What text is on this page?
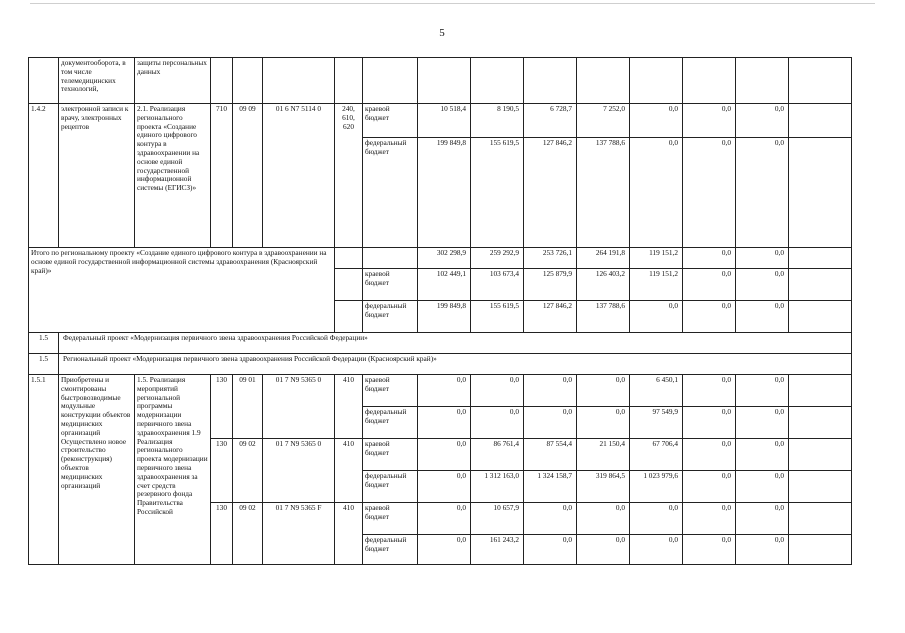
5
	документооборота, в том числе телемедицинских технологий,	защиты персональных данных													
1.4.2	электронной записи к врачу, электронных рецептов	2.1. Реализация регионального проекта «Создание единого цифрового контура в здравоохранении на основе единой государственной информационной системы (ЕГИСЗ)»	710	09 09	01 6 N7 5114 0	240, 610, 620	краевой бюджет	10 518,4	8 190,5	6 728,7	7 252,0	0,0	0,0	0,0	
							федеральный бюджет	199 849,8	155 619,5	127 846,2	137 788,6	0,0	0,0	0,0	
Итого по региональному проекту «Создание единого цифрового контура в здравоохранении на основе единой государственной информационной системы здравоохранения (Красноярский край)»								302 298,9	259 292,9	253 726,1	264 191,8	119 151,2	0,0	0,0	
							краевой бюджет	102 449,1	103 673,4	125 879,9	126 403,2	119 151,2	0,0	0,0	
							федеральный бюджет	199 849,8	155 619,5	127 846,2	137 788,6	0,0	0,0	0,0	
1.5	Федеральный проект «Модернизация первичного звена здравоохранения Российской Федерации»														
1.5	Региональный проект «Модернизация первичного звена здравоохранения Российской Федерации (Красноярский край)»														
1.5.1	Приобретены и смонтированы быстровозводимые модульные конструкции объектов медицинских организаций Осуществлено новое строительство (реконструкция) объектов медицинских организаций	1.5. Реализация мероприятий региональной программы модернизации первичного звена здравоохранения 1.9 Реализация регионального проекта модернизации первичного звена здравоохранения за счет средств резервного фонда Правительства Российской	130	09 01	01 7 N9 5365 0	410	краевой бюджет	0,0	0,0	0,0	0,0	6 450,1	0,0	0,0	
							федеральный бюджет	0,0	0,0	0,0	0,0	97 549,9	0,0	0,0	
			130	09 02	01 7 N9 5365 0	410	краевой бюджет	0,0	86 761,4	87 554,4	21 150,4	67 706,4	0,0	0,0	
							федеральный бюджет	0,0	1 312 163,0	1 324 158,7	319 864,5	1 023 979,6	0,0	0,0	
			130	09 02	01 7 N9 5365 F	410	краевой бюджет	0,0	10 657,9	0,0	0,0	0,0	0,0	0,0	
							федеральный бюджет	0,0	161 243,2	0,0	0,0	0,0	0,0	0,0	
